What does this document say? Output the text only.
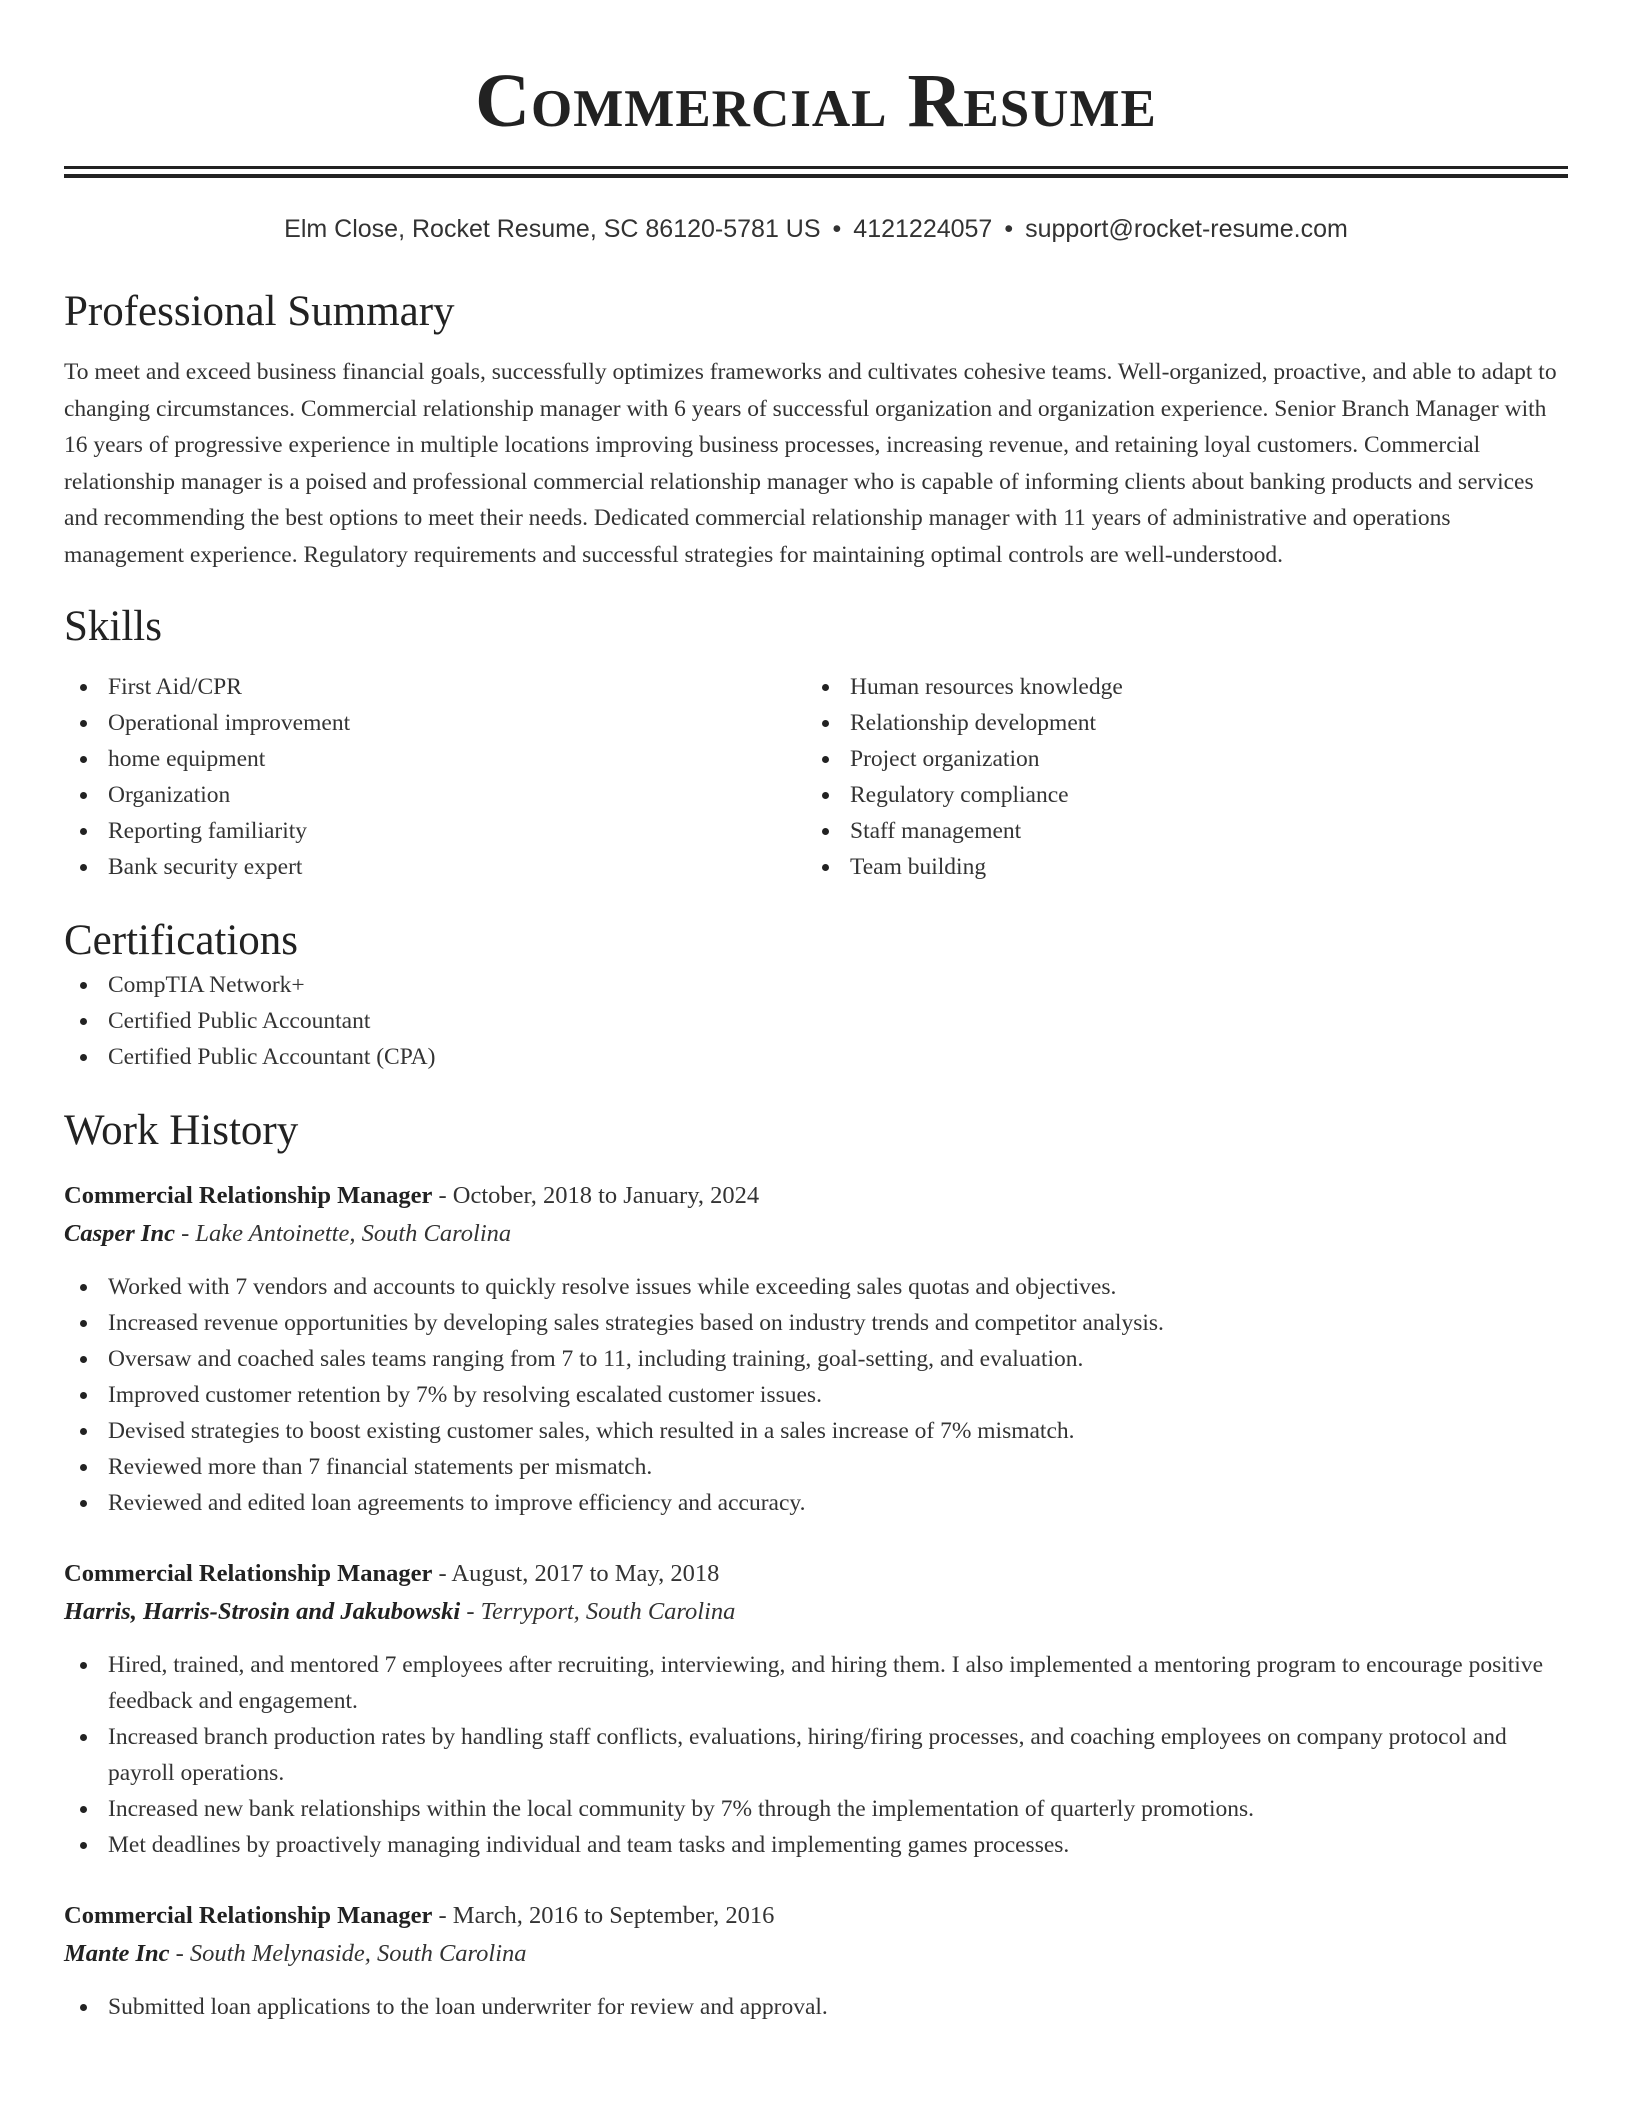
Commercial Resume
Elm Close, Rocket Resume, SC 86120-5781 US • 4121224057 • support@rocket-resume.com
Professional Summary

To meet and exceed business financial goals, successfully optimizes frameworks and cultivates cohesive teams. Well-organized, proactive, and able to adapt to changing circumstances. Commercial relationship manager with 6 years of successful organization and organization experience. Senior Branch Manager with 16 years of progressive experience in multiple locations improving business processes, increasing revenue, and retaining loyal customers. Commercial relationship manager is a poised and professional commercial relationship manager who is capable of informing clients about banking products and services and recommending the best options to meet their needs. Dedicated commercial relationship manager with 11 years of administrative and operations management experience. Regulatory requirements and successful strategies for maintaining optimal controls are well-understood.

Skills
First Aid/CPR
Operational improvement
home equipment
Organization
Reporting familiarity
Bank security expert
Human resources knowledge
Relationship development
Project organization
Regulatory compliance
Staff management
Team building
Certifications
CompTIA Network+
Certified Public Accountant
Certified Public Accountant (CPA)
Work History
Commercial Relationship Manager - October, 2018 to January, 2024
Casper Inc - Lake Antoinette, South Carolina
Worked with 7 vendors and accounts to quickly resolve issues while exceeding sales quotas and objectives.
Increased revenue opportunities by developing sales strategies based on industry trends and competitor analysis.
Oversaw and coached sales teams ranging from 7 to 11, including training, goal-setting, and evaluation.
Improved customer retention by 7% by resolving escalated customer issues.
Devised strategies to boost existing customer sales, which resulted in a sales increase of 7% mismatch.
Reviewed more than 7 financial statements per mismatch.
Reviewed and edited loan agreements to improve efficiency and accuracy.
Commercial Relationship Manager - August, 2017 to May, 2018
Harris, Harris-Strosin and Jakubowski - Terryport, South Carolina
Hired, trained, and mentored 7 employees after recruiting, interviewing, and hiring them. I also implemented a mentoring program to encourage positive feedback and engagement.
Increased branch production rates by handling staff conflicts, evaluations, hiring/firing processes, and coaching employees on company protocol and payroll operations.
Increased new bank relationships within the local community by 7% through the implementation of quarterly promotions.
Met deadlines by proactively managing individual and team tasks and implementing games processes.
Commercial Relationship Manager - March, 2016 to September, 2016
Mante Inc - South Melynaside, South Carolina
Submitted loan applications to the loan underwriter for review and approval.
